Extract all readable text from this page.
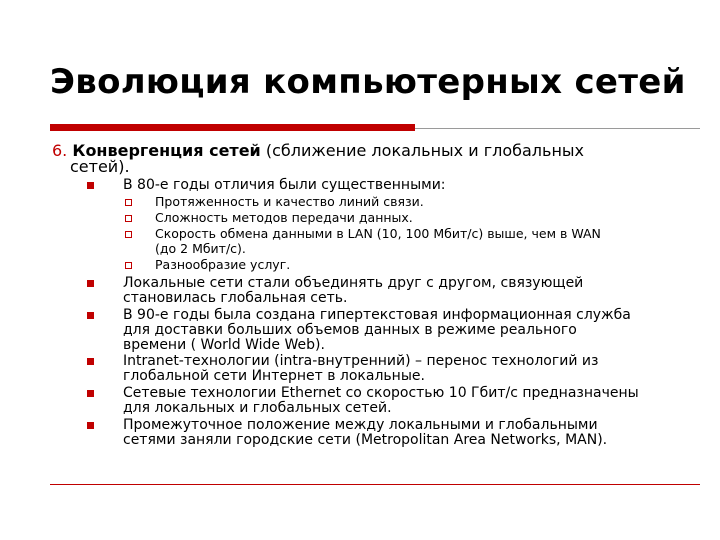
Эволюция компьютерных сетей
6. Конвергенция сетей (сближение локальных и глобальных
сетей).
В 80-е годы отличия были существенными:
Протяженность и качество линий связи.
Сложность методов передачи данных.
Скорость обмена данными в LAN (10, 100 Мбит/с) выше, чем в WAN
(до 2 Мбит/с).
Разнообразие услуг.
Локальные сети стали объединять друг с другом, связующей
становилась глобальная сеть.
В 90-е годы была создана гипертекстовая информационная служба
для доставки больших объемов данных в режиме реального
времени ( World Wide Web).
Intranet-технологии (intra-внутренний) – перенос технологий из
глобальной сети Интернет в локальные.
Сетевые технологии Ethernet со скоростью 10 Гбит/с предназначены
для локальных и глобальных сетей.
Промежуточное положение между локальными и глобальными
сетями заняли городские сети (Metropolitan Area Networks, MAN).
